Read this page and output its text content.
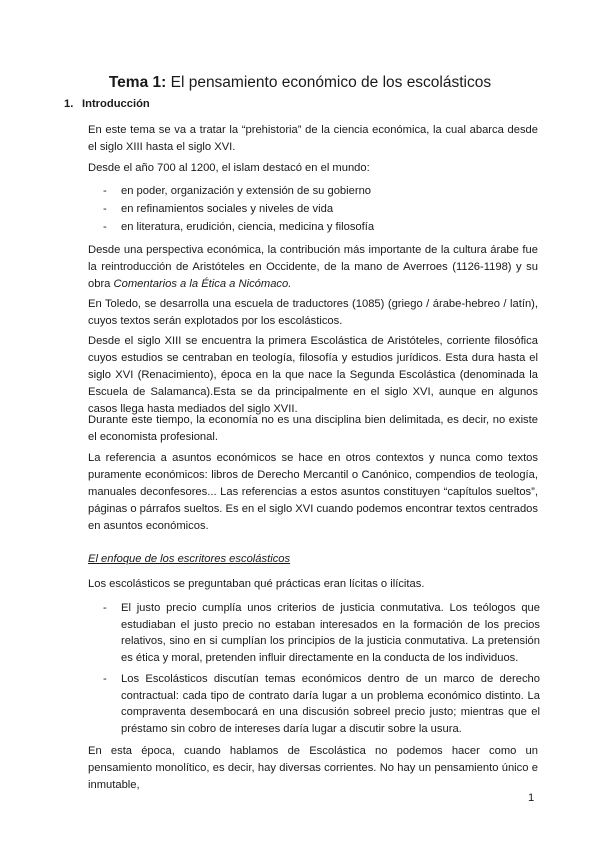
Tema 1: El pensamiento económico de los escolásticos
1. Introducción

En este tema se va a tratar la “prehistoria” de la ciencia económica, la cual abarca desde el siglo XIII hasta el siglo XVI.

Desde el año 700 al 1200, el islam destacó en el mundo:

- en poder, organización y extensión de su gobierno
- en refinamientos sociales y niveles de vida
- en literatura, erudición, ciencia, medicina y filosofía

Desde una perspectiva económica, la contribución más importante de la cultura árabe fue la reintroducción de Aristóteles en Occidente, de la mano de Averroes (1126-1198) y su obra Comentarios a la Ética a Nicómaco.

En Toledo, se desarrolla una escuela de traductores (1085) (griego / árabe-hebreo / latín), cuyos textos serán explotados por los escolásticos.

Desde el siglo XIII se encuentra la primera Escolástica de Aristóteles, corriente filosófica cuyos estudios se centraban en teología, filosofía y estudios jurídicos. Esta dura hasta el siglo XVI (Renacimiento), época en la que nace la Segunda Escolástica (denominada la Escuela de Salamanca).Esta se da principalmente en el siglo XVI, aunque en algunos casos llega hasta mediados del siglo XVII.

Durante este tiempo, la economía no es una disciplina bien delimitada, es decir, no existe el economista profesional.

La referencia a asuntos económicos se hace en otros contextos y nunca como textos puramente económicos: libros de Derecho Mercantil o Canónico, compendios de teología, manuales deconfesores... Las referencias a estos asuntos constituyen “capítulos sueltos”, páginas o párrafos sueltos. Es en el siglo XVI cuando podemos encontrar textos centrados en asuntos económicos.

El enfoque de los escritores escolásticos

Los escolásticos se preguntaban qué prácticas eran lícitas o ilícitas.

- El justo precio cumplía unos criterios de justicia conmutativa. Los teólogos que estudiaban el justo precio no estaban interesados en la formación de los precios relativos, sino en si cumplían los principios de la justicia conmutativa. La pretensión es ética y moral, pretenden influir directamente en la conducta de los individuos.
- Los Escolásticos discutían temas económicos dentro de un marco de derecho contractual: cada tipo de contrato daría lugar a un problema económico distinto. La compraventa desembocará en una discusión sobreel precio justo; mientras que el préstamo sin cobro de intereses daría lugar a discutir sobre la usura.

En esta época, cuando hablamos de Escolástica no podemos hacer como un pensamiento monolítico, es decir, hay diversas corrientes. No hay un pensamiento único e inmutable,

1
